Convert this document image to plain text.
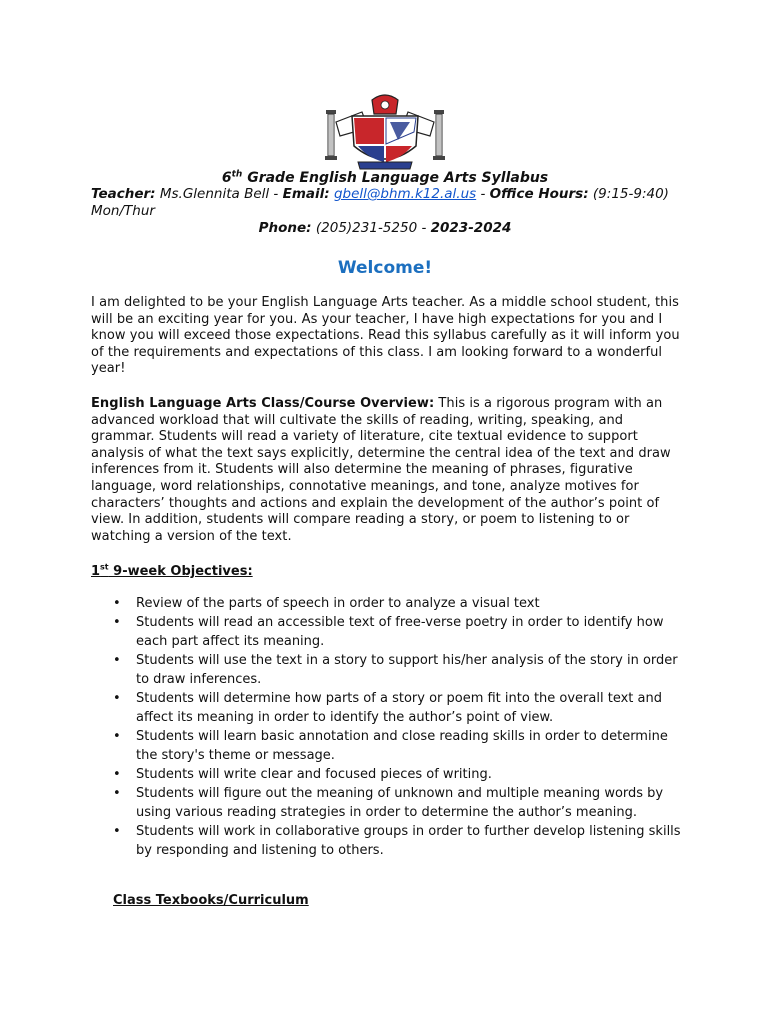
6th Grade English Language Arts Syllabus
Teacher: Ms.Glennita Bell - Email: gbell@bhm.k12.al.us - Office Hours: (9:15-9:40) Mon/Thur
Phone: (205)231-5250 - 2023-2024
Welcome!
I am delighted to be your English Language Arts teacher. As a middle school student, this will be an exciting year for you. As your teacher, I have high expectations for you and I know you will exceed those expectations. Read this syllabus carefully as it will inform you of the requirements and expectations of this class. I am looking forward to a wonderful year!
English Language Arts Class/Course Overview: This is a rigorous program with an advanced workload that will cultivate the skills of reading, writing, speaking, and grammar. Students will read a variety of literature, cite textual evidence to support analysis of what the text says explicitly, determine the central idea of the text and draw inferences from it. Students will also determine the meaning of phrases, figurative language, word relationships, connotative meanings, and tone, analyze motives for characters’ thoughts and actions and explain the development of the author’s point of view. In addition, students will compare reading a story, or poem to listening to or watching a version of the text.
1st 9-week Objectives:
• Review of the parts of speech in order to analyze a visual text
• Students will read an accessible text of free-verse poetry in order to identify how each part affect its meaning.
• Students will use the text in a story to support his/her analysis of the story in order to draw inferences.
• Students will determine how parts of a story or poem fit into the overall text and affect its meaning in order to identify the author’s point of view.
• Students will learn basic annotation and close reading skills in order to determine the story's theme or message.
• Students will write clear and focused pieces of writing.
• Students will figure out the meaning of unknown and multiple meaning words by using various reading strategies in order to determine the author’s meaning.
• Students will work in collaborative groups in order to further develop listening skills by responding and listening to others.
Class Texbooks/Curriculum
